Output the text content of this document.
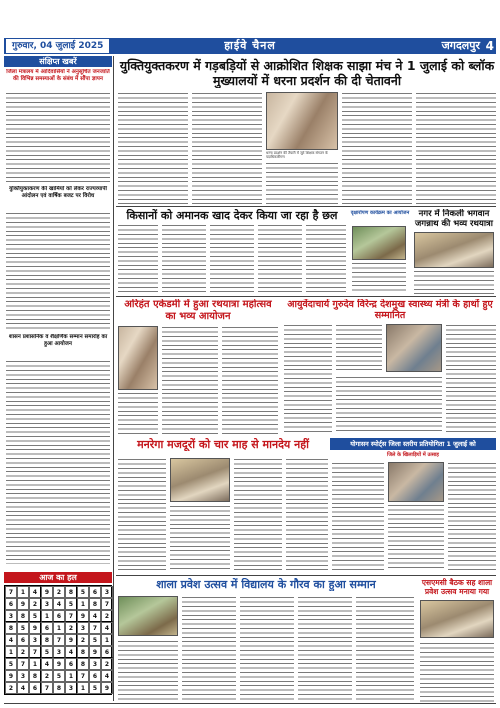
गुरुवार, 04 जुलाई 2025	हाईवे चैनल	जगदलपुर 4
संक्षिप्त खबरें
जिला मंत्रालय में आदिवासियों ने अनुसूचित जनजाति की विभिन्न समस्याओं के संबंध में सौंपा ज्ञापन
युक्तियुक्तकरण की खामियों को लेकर राज्यव्यापी आंदोलन एवं वार्षिक बजट पर विरोध
शासन प्रशासनिक व शैक्षणिक सम्मान समारोह का हुआ आयोजन
आज का हल
7	1	4	9	2	8	5	6	3
6	9	2	3	4	5	1	8	7
3	8	5	1	6	7	9	4	2
8	5	9	6	1	2	3	7	4
4	6	3	8	7	9	2	5	1
1	2	7	5	3	4	8	9	6
5	7	1	4	9	6	8	3	2
9	3	8	2	5	1	7	6	4
2	4	6	7	8	3	1	5	9
युक्तियुक्तकरण में गड़बड़ियों से आक्रोशित शिक्षक साझा मंच ने 1 जुलाई को ब्लॉक मुख्यालयों में धरना प्रदर्शन की दी चेतावनी
धरना प्रदर्शन की तैयारी में जुटे शिक्षक संगठन के पदाधिकारीगण
किसानों को अमानक खाद देकर किया जा रहा है छल	वृक्षारोपण कार्यक्रम का आयोजन	नगर में निकली भगवान जगन्नाथ की भव्य रथयात्रा
अरिहंत एकेडमी में हुआ रथयात्रा महोत्सव का भव्य आयोजन
आयुर्वेदाचार्य गुरुदेव विरेन्द्र देशमुख स्वास्थ्य मंत्री के हाथों हुए सम्मानित
योगासन स्पोर्ट्स जिला स्तरीय प्रतियोगिता 1 जुलाई को
जिले के खिलाड़ियों में उत्साह
मनरेगा मजदूरों को चार माह से मानदेय नहीं
शाला प्रवेश उत्सव में विद्यालय के गौरव का हुआ सम्मान	एसएमसी बैठक सह शाला प्रवेश उत्सव मनाया गया
